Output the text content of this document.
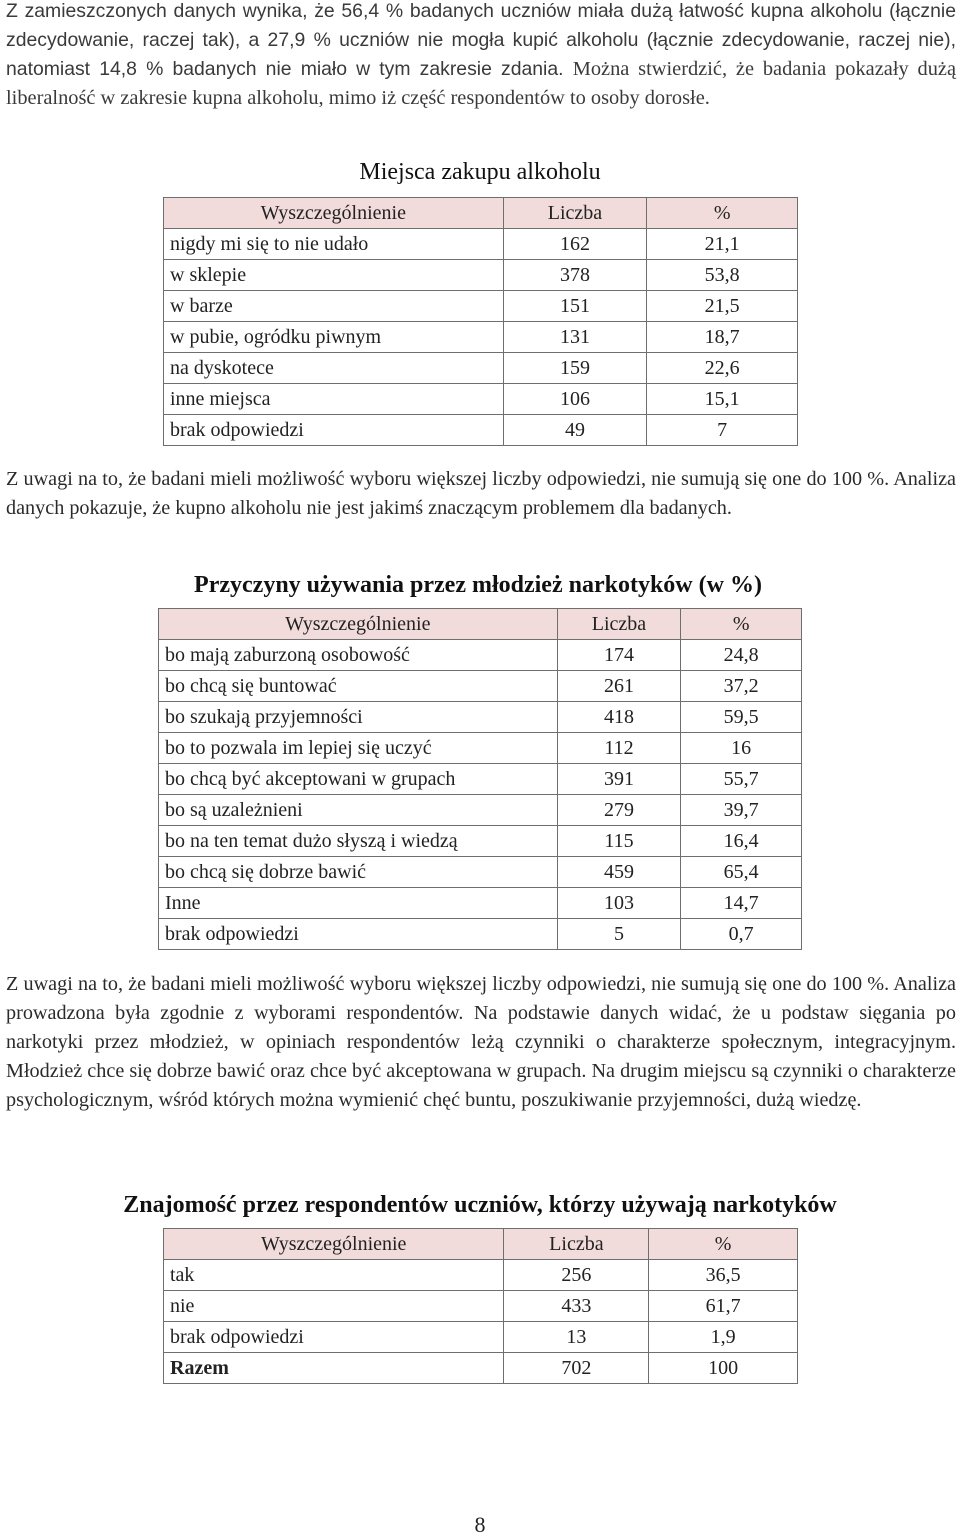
Z zamieszczonych danych wynika, że 56,4 % badanych uczniów miała dużą łatwość kupna alkoholu (łącznie zdecydowanie, raczej tak), a 27,9 % uczniów nie mogła kupić alkoholu (łącznie zdecydowanie, raczej nie), natomiast 14,8 % badanych nie miało w tym zakresie zdania. Można stwierdzić, że badania pokazały dużą liberalność w zakresie kupna alkoholu, mimo iż część respondentów to osoby dorosłe.

Miejsca zakupu alkoholu
Wyszczególnienie	Liczba	%
nigdy mi się to nie udało	162	21,1
w sklepie	378	53,8
w barze	151	21,5
w pubie, ogródku piwnym	131	18,7
na dyskotece	159	22,6
inne miejsca	106	15,1
brak odpowiedzi	49	7

Z uwagi na to, że badani mieli możliwość wyboru większej liczby odpowiedzi, nie sumują się one do 100 %. Analiza danych pokazuje, że kupno alkoholu nie jest jakimś znaczącym problemem dla badanych.

Przyczyny używania przez młodzież narkotyków (w %)
Wyszczególnienie	Liczba	%
bo mają zaburzoną osobowość	174	24,8
bo chcą się buntować	261	37,2
bo szukają przyjemności	418	59,5
bo to pozwala im lepiej się uczyć	112	16
bo chcą być akceptowani w grupach	391	55,7
bo są uzależnieni	279	39,7
bo na ten temat dużo słyszą i wiedzą	115	16,4
bo chcą się dobrze bawić	459	65,4
Inne	103	14,7
brak odpowiedzi	5	0,7

Z uwagi na to, że badani mieli możliwość wyboru większej liczby odpowiedzi, nie sumują się one do 100 %. Analiza prowadzona była zgodnie z wyborami respondentów. Na podstawie danych widać, że u podstaw sięgania po narkotyki przez młodzież, w opiniach respondentów leżą czynniki o charakterze społecznym, integracyjnym. Młodzież chce się dobrze bawić oraz chce być akceptowana w grupach. Na drugim miejscu są czynniki o charakterze psychologicznym, wśród których można wymienić chęć buntu, poszukiwanie przyjemności, dużą wiedzę.

Znajomość przez respondentów uczniów, którzy używają narkotyków
Wyszczególnienie	Liczba	%
tak	256	36,5
nie	433	61,7
brak odpowiedzi	13	1,9
Razem	702	100
8
